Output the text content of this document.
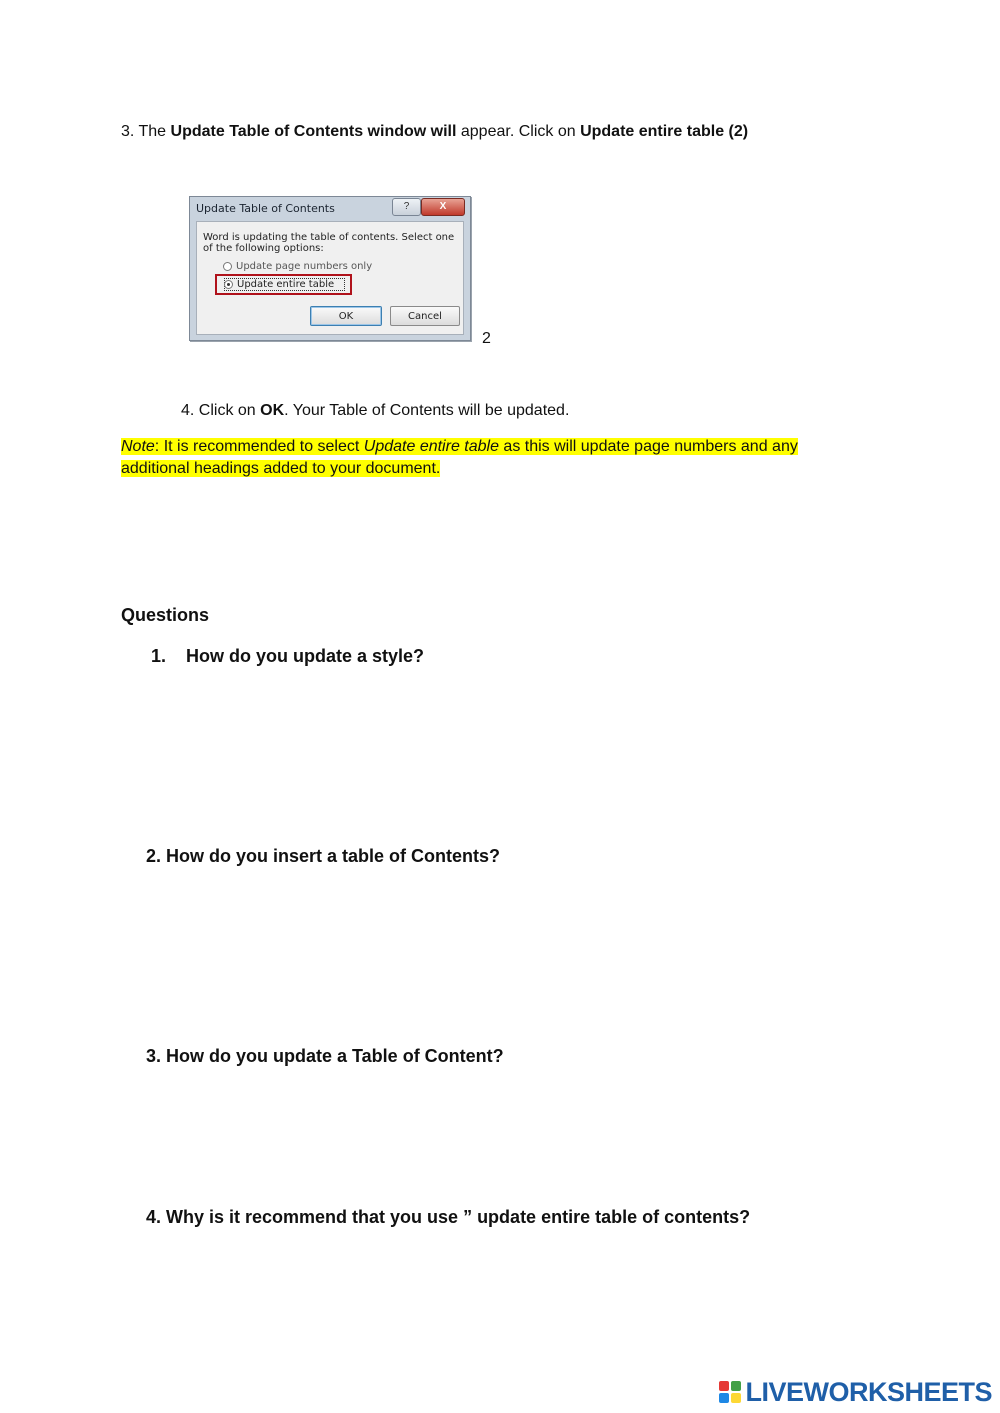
3. The Update Table of Contents window will appear. Click on Update entire table (2)
Update Table of Contents	?	X
Word is updating the table of contents. Select one
of the following options:
Update page numbers only
Update entire table
OK	Cancel
2
4. Click on OK. Your Table of Contents will be updated.
Note: It is recommended to select Update entire table as this will update page numbers and any
additional headings added to your document.
Questions
1. How do you update a style?
2. How do you insert a table of Contents?
3. How do you update a Table of Content?
4. Why is it recommend that you use ” update entire table of contents?
LIVEWORKSHEETS
